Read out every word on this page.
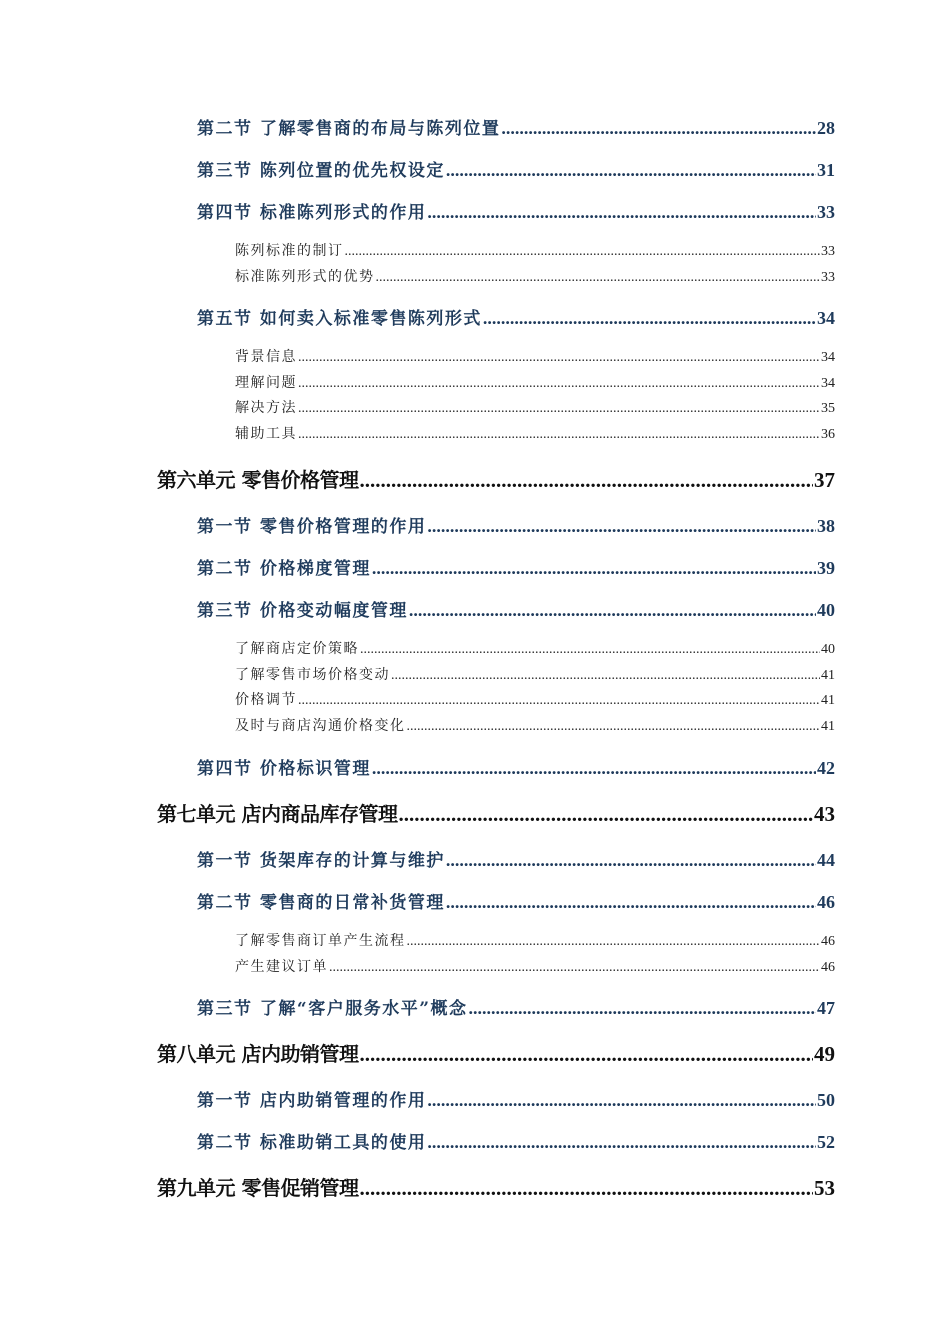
第二节 了解零售商的布局与陈列位置 .....	28
第三节 陈列位置的优先权设定 .....	31
第四节 标准陈列形式的作用 .....	33
陈列标准的制订 .....	33
标准陈列形式的优势 .....	33
第五节 如何卖入标准零售陈列形式 .....	34
背景信息 .....	34
理解问题 .....	34
解决方法 .....	35
辅助工具 .....	36
第六单元 零售价格管理 .....	37
第一节 零售价格管理的作用 .....	38
第二节 价格梯度管理 .....	39
第三节 价格变动幅度管理 .....	40
了解商店定价策略 .....	40
了解零售市场价格变动 .....	41
价格调节 .....	41
及时与商店沟通价格变化 .....	41
第四节 价格标识管理 .....	42
第七单元 店内商品库存管理 .....	43
第一节 货架库存的计算与维护 .....	44
第二节 零售商的日常补货管理 .....	46
了解零售商订单产生流程 .....	46
产生建议订单 .....	46
第三节 了解“客户服务水平”概念 .....	47
第八单元 店内助销管理 .....	49
第一节 店内助销管理的作用 .....	50
第二节 标准助销工具的使用 .....	52
第九单元 零售促销管理 .....	53
